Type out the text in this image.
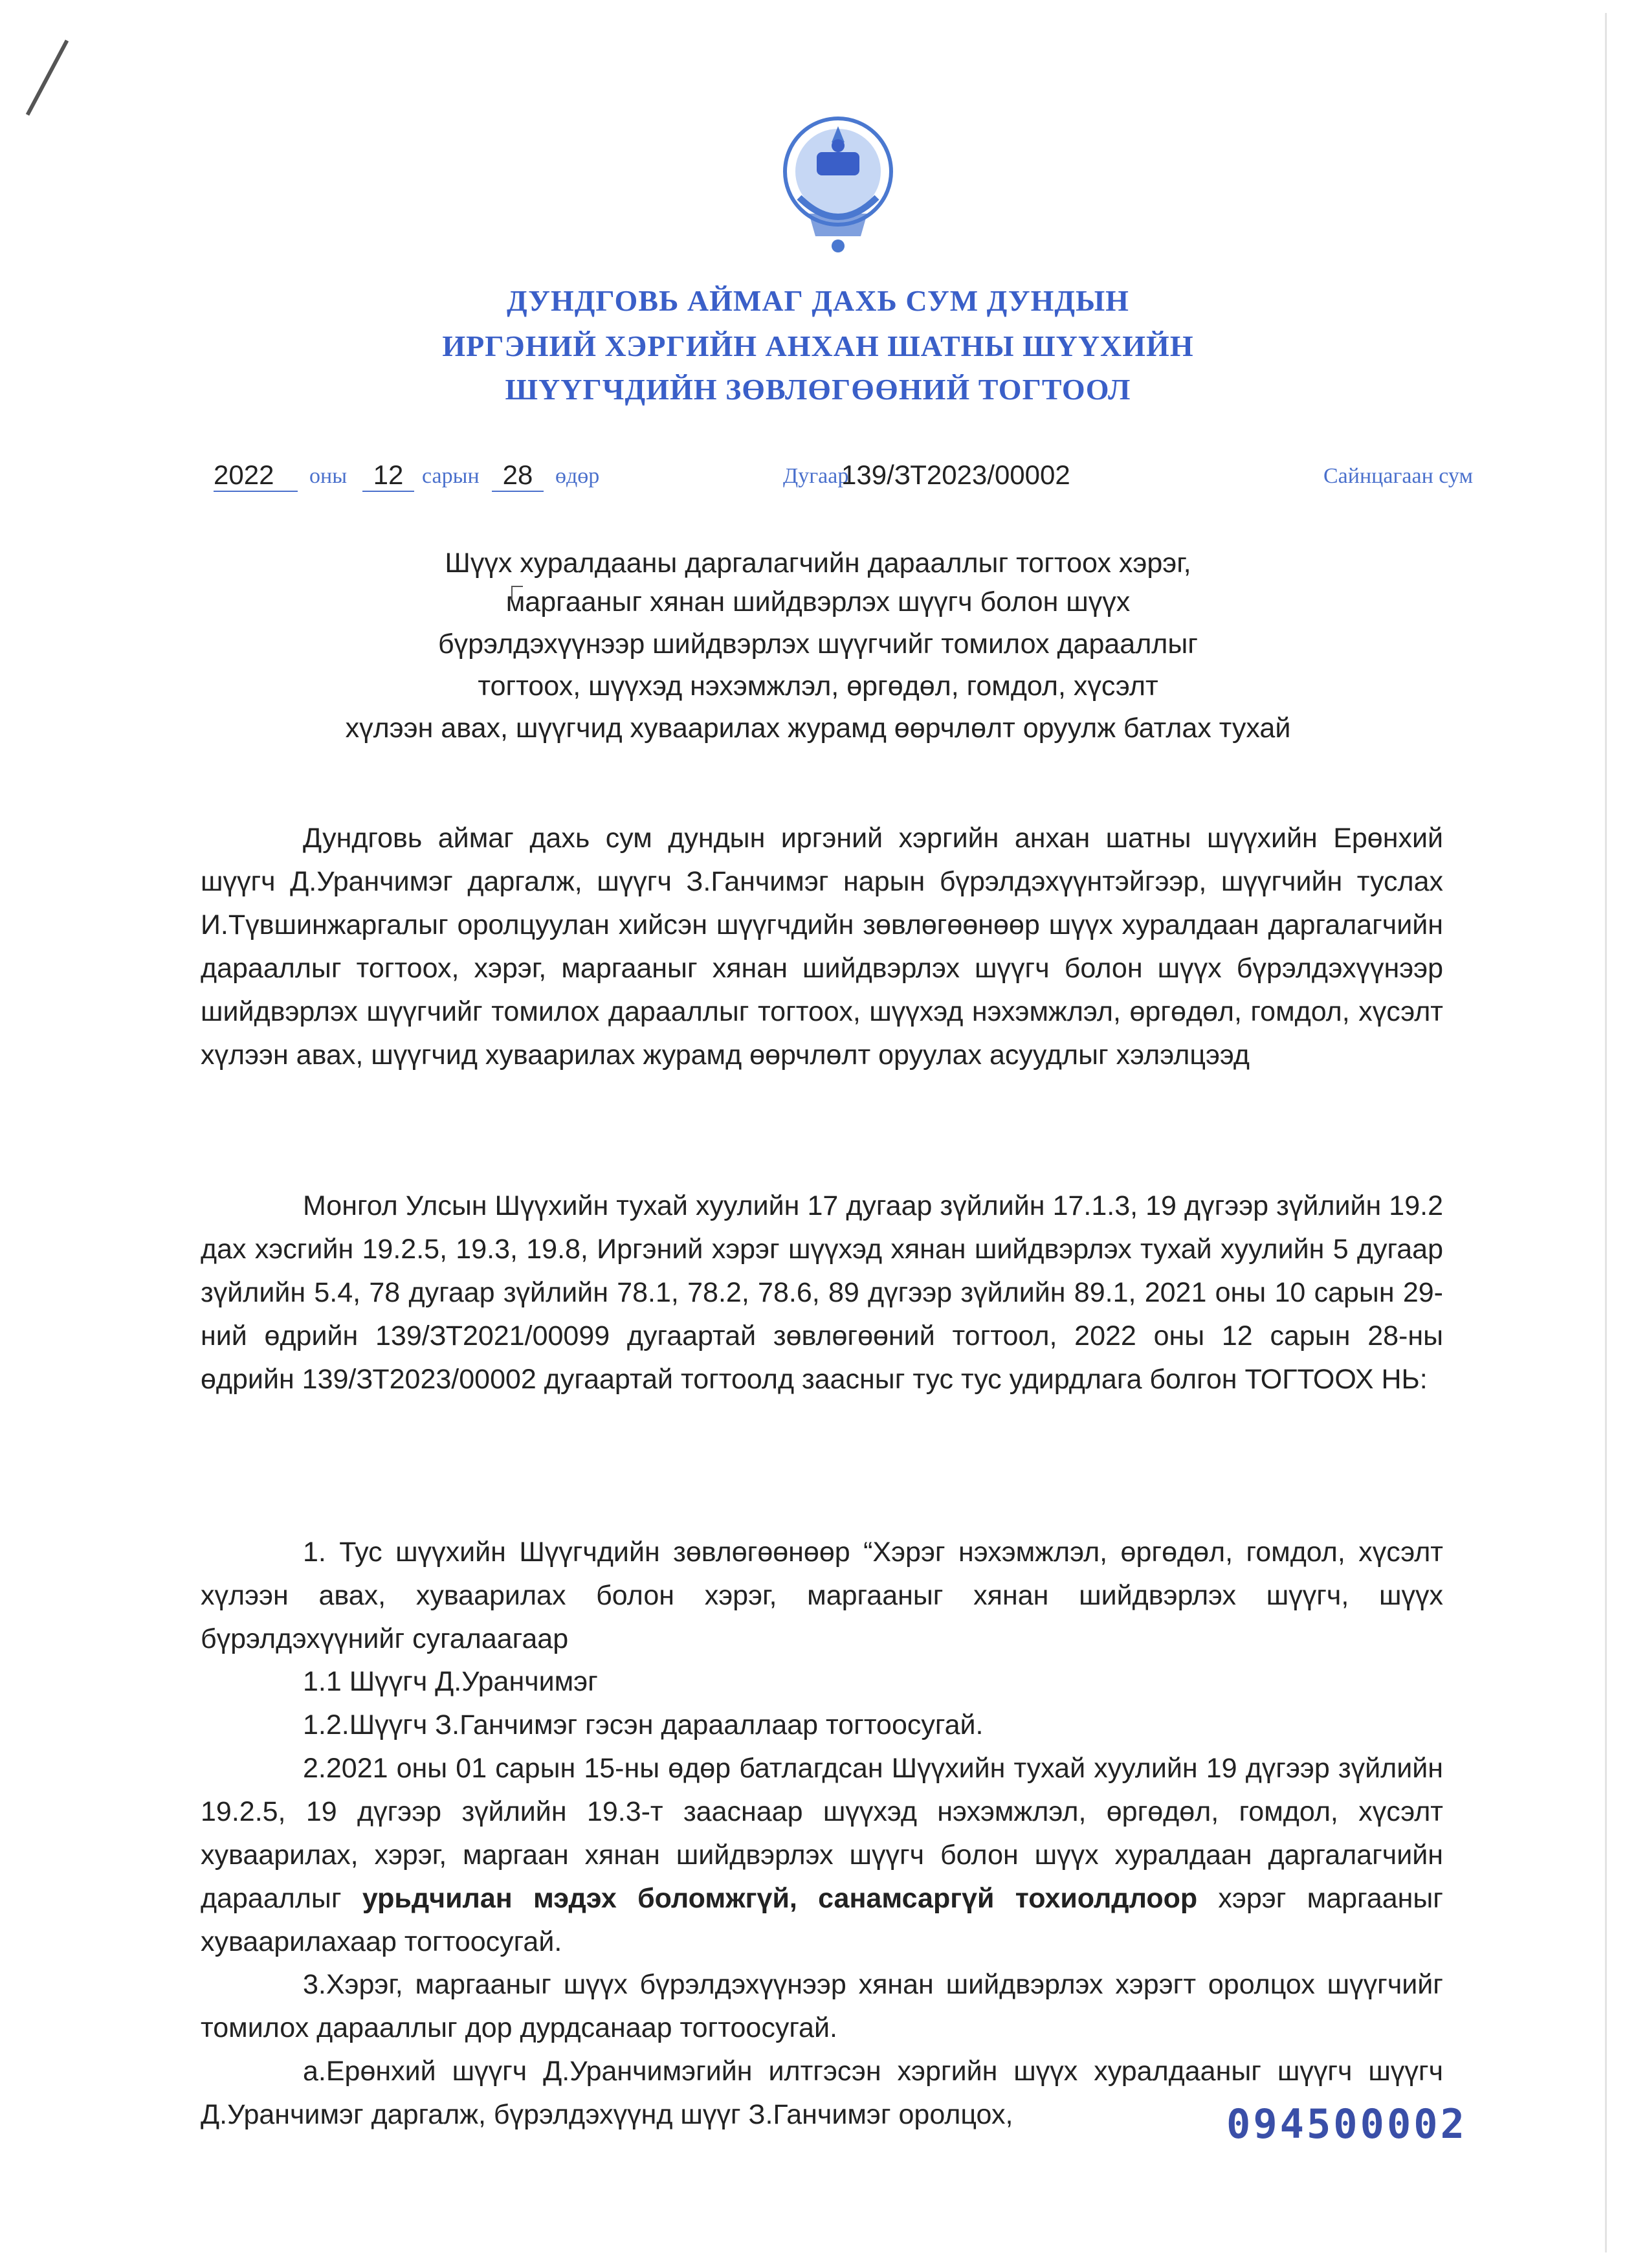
ДУНДГОВЬ АЙМАГ ДАХЬ СУМ ДУНДЫН
ИРГЭНИЙ ХЭРГИЙН АНХАН ШАТНЫ ШҮҮХИЙН
ШҮҮГЧДИЙН ЗӨВЛӨГӨӨНИЙ ТОГТООЛ
2022	оны 12 сарын 28	өдөр	Дугаар
139/ЗТ2023/00002	Сайнцагаан сум
Шүүх хуралдааны даргалагчийн дарааллыг тогтоох хэрэг,
маргааныг хянан шийдвэрлэх шүүгч болон шүүх
бүрэлдэхүүнээр шийдвэрлэх шүүгчийг томилох дарааллыг
тогтоох, шүүхэд нэхэмжлэл, өргөдөл, гомдол, хүсэлт
хүлээн авах, шүүгчид хуваарилах журамд өөрчлөлт оруулж батлах тухай

Дундговь аймаг дахь сум дундын иргэний хэргийн анхан шатны шүүхийн Ерөнхий шүүгч Д.Уранчимэг даргалж, шүүгч З.Ганчимэг нарын бүрэлдэхүүнтэйгээр, шүүгчийн туслах И.Түвшинжаргалыг оролцуулан хийсэн шүүгчдийн зөвлөгөөнөөр шүүх хуралдаан даргалагчийн дарааллыг тогтоох, хэрэг, маргааныг хянан шийдвэрлэх шүүгч болон шүүх бүрэлдэхүүнээр шийдвэрлэх шүүгчийг томилох дарааллыг тогтоох, шүүхэд нэхэмжлэл, өргөдөл, гомдол, хүсэлт хүлээн авах, шүүгчид хуваарилах журамд өөрчлөлт оруулах асуудлыг хэлэлцээд

Монгол Улсын Шүүхийн тухай хуулийн 17 дугаар зүйлийн 17.1.3, 19 дүгээр зүйлийн 19.2 дах хэсгийн 19.2.5, 19.3, 19.8, Иргэний хэрэг шүүхэд хянан шийдвэрлэх тухай хуулийн 5 дугаар зүйлийн 5.4, 78 дугаар зүйлийн 78.1, 78.2, 78.6, 89 дүгээр зүйлийн 89.1, 2021 оны 10 сарын 29-ний өдрийн 139/ЗТ2021/00099 дугаартай зөвлөгөөний тогтоол, 2022 оны 12 сарын 28-ны өдрийн 139/ЗТ2023/00002 дугаартай тогтоолд заасныг тус тус удирдлага болгон ТОГТООХ НЬ:

1. Тус шүүхийн Шүүгчдийн зөвлөгөөнөөр “Хэрэг нэхэмжлэл, өргөдөл, гомдол, хүсэлт хүлээн авах, хуваарилах болон хэрэг, маргааныг хянан шийдвэрлэх шүүгч, шүүх бүрэлдэхүүнийг сугалаагаар

1.1 Шүүгч Д.Уранчимэг
1.2.Шүүгч З.Ганчимэг гэсэн дарааллаар тогтоосугай.

2.2021 оны 01 сарын 15-ны өдөр батлагдсан Шүүхийн тухай хуулийн 19 дүгээр зүйлийн 19.2.5, 19 дүгээр зүйлийн 19.3-т зааснаар шүүхэд нэхэмжлэл, өргөдөл, гомдол, хүсэлт хуваарилах, хэрэг, маргаан хянан шийдвэрлэх шүүгч болон шүүх хуралдаан даргалагчийн дарааллыг урьдчилан мэдэх боломжгүй, санамсаргүй тохиолдлоор хэрэг маргааныг хуваарилахаар тогтоосугай.

3.Хэрэг, маргааныг шүүх бүрэлдэхүүнээр хянан шийдвэрлэх хэрэгт оролцох шүүгчийг томилох дарааллыг дор дурдсанаар тогтоосугай.

а.Ерөнхий шүүгч Д.Уранчимэгийн илтгэсэн хэргийн шүүх хуралдааныг шүүгч шүүгч Д.Уранчимэг даргалж, бүрэлдэхүүнд шүүг З.Ганчимэг оролцох,	094500002
